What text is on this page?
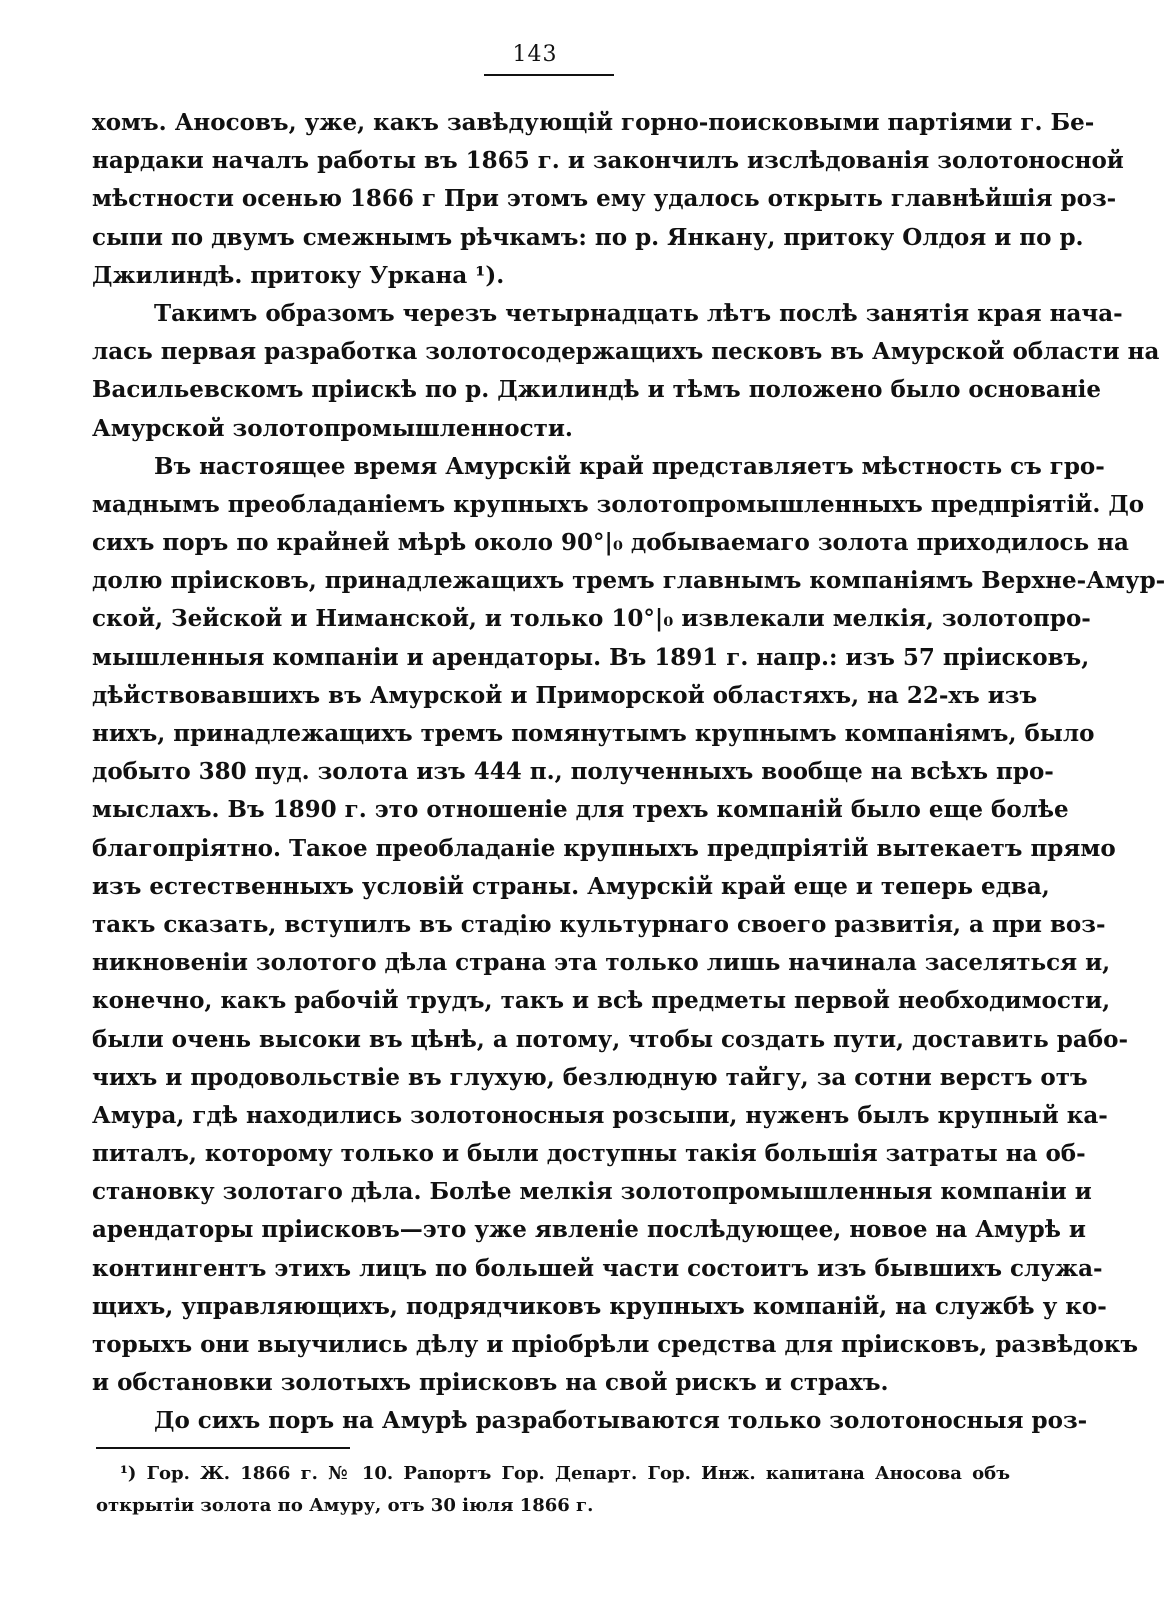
143
хомъ. Аносовъ, уже, какъ завѣдующій горно-поисковыми партіями г. Бе-
нардаки началъ работы въ 1865 г. и закончилъ изслѣдованія золотоносной
мѣстности осенью 1866 г При этомъ ему удалось открыть главнѣйшія роз-
сыпи по двумъ смежнымъ рѣчкамъ: по р. Янкану, притоку Олдоя и по р.
Джилиндѣ. притоку Уркана ¹).
Такимъ образомъ черезъ четырнадцать лѣтъ послѣ занятія края нача-
лась первая разработка золотосодержащихъ песковъ въ Амурской области на
Васильевскомъ пріискѣ по р. Джилиндѣ и тѣмъ положено было основаніе
Амурской золотопромышленности.
Въ настоящее время Амурскій край представляетъ мѣстность съ гро-
маднымъ преобладаніемъ крупныхъ золотопромышленныхъ предпріятій. До
сихъ поръ по крайней мѣрѣ около 90°|₀ добываемаго золота приходилось на
долю пріисковъ, принадлежащихъ тремъ главнымъ компаніямъ Верхне-Амур-
ской, Зейской и Ниманской, и только 10°|₀ извлекали мелкія, золотопро-
мышленныя компаніи и арендаторы. Въ 1891 г. напр.: изъ 57 пріисковъ,
дѣйствовавшихъ въ Амурской и Приморской областяхъ, на 22-хъ изъ
нихъ, принадлежащихъ тремъ помянутымъ крупнымъ компаніямъ, было
добыто 380 пуд. золота изъ 444 п., полученныхъ вообще на всѣхъ про-
мыслахъ. Въ 1890 г. это отношеніе для трехъ компаній было еще болѣе
благопріятно. Такое преобладаніе крупныхъ предпріятій вытекаетъ прямо
изъ естественныхъ условій страны. Амурскій край еще и теперь едва,
такъ сказать, вступилъ въ стадію культурнаго своего развитія, а при воз-
никновеніи золотого дѣла страна эта только лишь начинала заселяться и,
конечно, какъ рабочій трудъ, такъ и всѣ предметы первой необходимости,
были очень высоки въ цѣнѣ, а потому, чтобы создать пути, доставить рабо-
чихъ и продовольствіе въ глухую, безлюдную тайгу, за сотни верстъ отъ
Амура, гдѣ находились золотоносныя розсыпи, нуженъ былъ крупный ка-
питалъ, которому только и были доступны такія большія затраты на об-
становку золотаго дѣла. Болѣе мелкія золотопромышленныя компаніи и
арендаторы пріисковъ—это уже явленіе послѣдующее, новое на Амурѣ и
контингентъ этихъ лицъ по большей части состоитъ изъ бывшихъ служа-
щихъ, управляющихъ, подрядчиковъ крупныхъ компаній, на службѣ у ко-
торыхъ они выучились дѣлу и пріобрѣли средства для пріисковъ, развѣдокъ
и обстановки золотыхъ пріисковъ на свой рискъ и страхъ.
До сихъ поръ на Амурѣ разработываются только золотоносныя роз-
¹) Гор. Ж. 1866 г. № 10. Рапортъ Гор. Департ. Гор. Инж. капитана Аносова объ
открытіи золота по Амуру, отъ 30 іюля 1866 г.
